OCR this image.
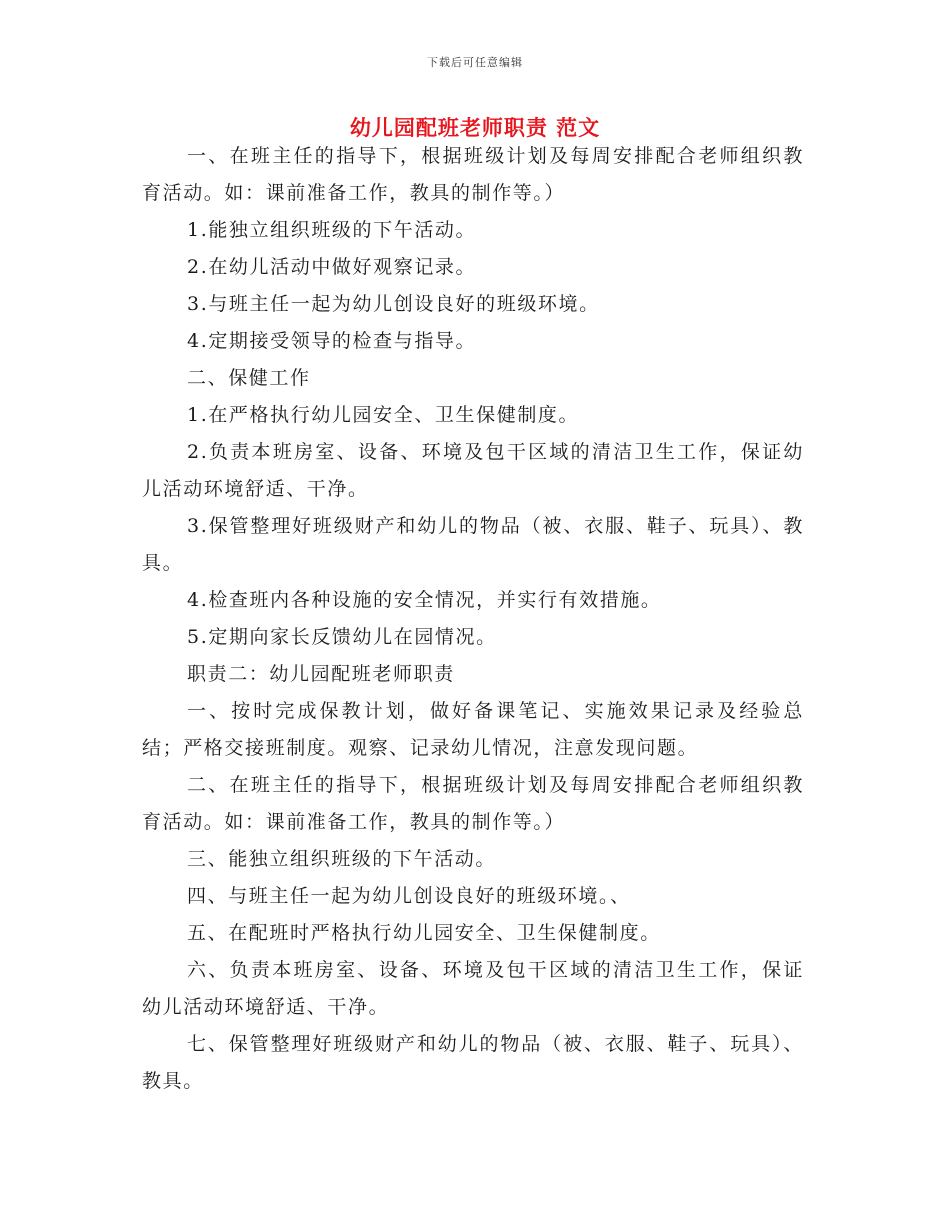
下载后可任意编辑
幼儿园配班老师职责 范文

一、在班主任的指导下，根据班级计划及每周安排配合老师组织教育活动。如：课前准备工作，教具的制作等。）

1.能独立组织班级的下午活动。

2.在幼儿活动中做好观察记录。

3.与班主任一起为幼儿创设良好的班级环境。

4.定期接受领导的检查与指导。

二、保健工作

1.在严格执行幼儿园安全、卫生保健制度。

2.负责本班房室、设备、环境及包干区域的清洁卫生工作，保证幼儿活动环境舒适、干净。

3.保管整理好班级财产和幼儿的物品（被、衣服、鞋子、玩具）、教具。

4.检查班内各种设施的安全情况，并实行有效措施。

5.定期向家长反馈幼儿在园情况。

职责二：幼儿园配班老师职责

一、按时完成保教计划，做好备课笔记、实施效果记录及经验总结；严格交接班制度。观察、记录幼儿情况，注意发现问题。

二、在班主任的指导下，根据班级计划及每周安排配合老师组织教育活动。如：课前准备工作，教具的制作等。）

三、能独立组织班级的下午活动。

四、与班主任一起为幼儿创设良好的班级环境。、

五、在配班时严格执行幼儿园安全、卫生保健制度。

六、负责本班房室、设备、环境及包干区域的清洁卫生工作，保证幼儿活动环境舒适、干净。

七、保管整理好班级财产和幼儿的物品（被、衣服、鞋子、玩具）、教具。
